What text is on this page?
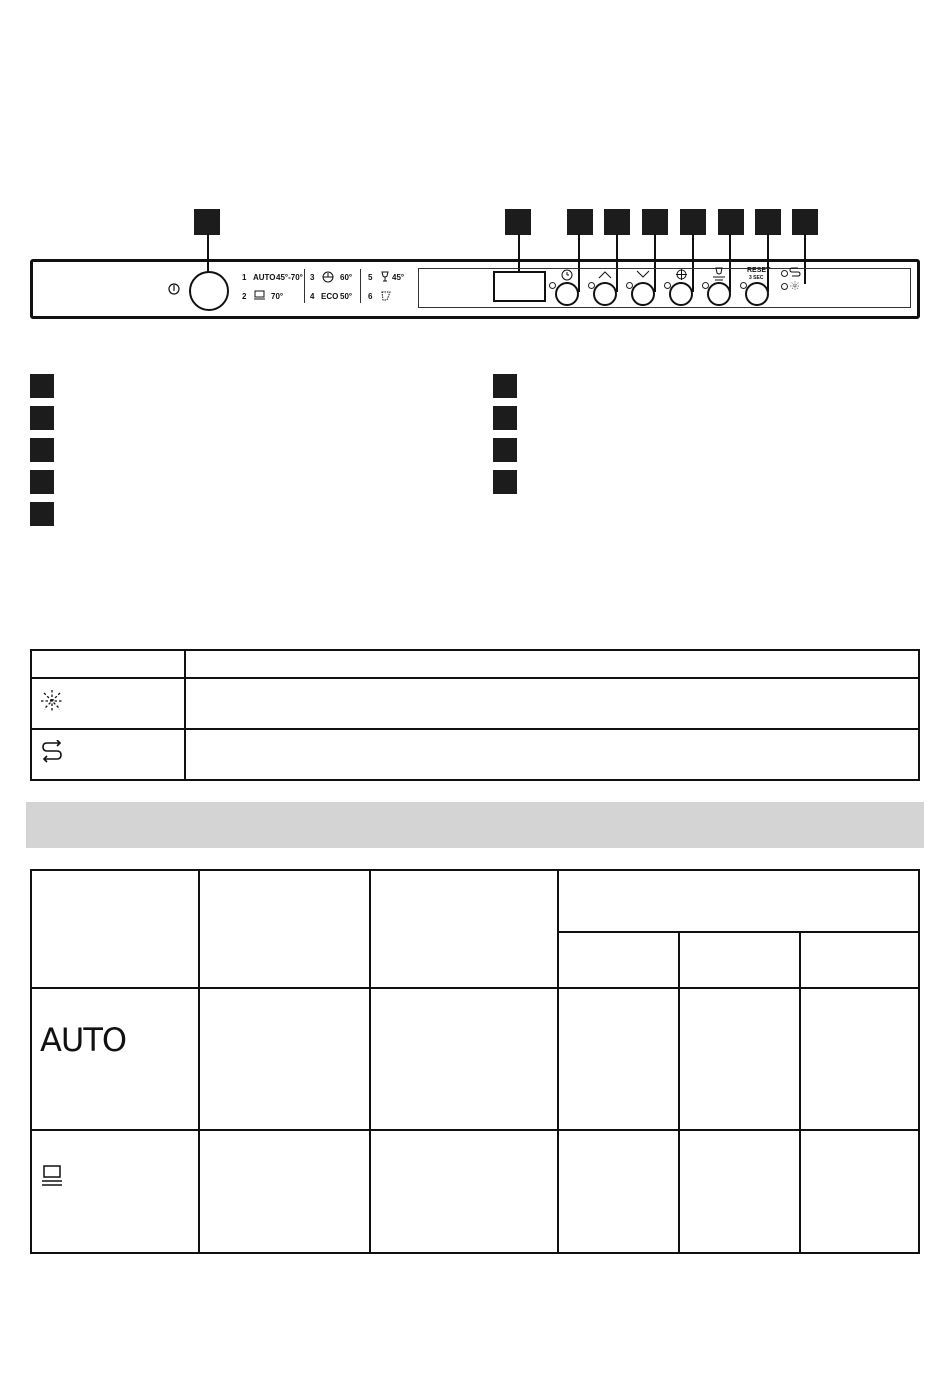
1 AUTO 45°-70°
2	70°
3	60°
4 ECO 50°
5 45°
6
RESET
3 SEC

AUTO					
